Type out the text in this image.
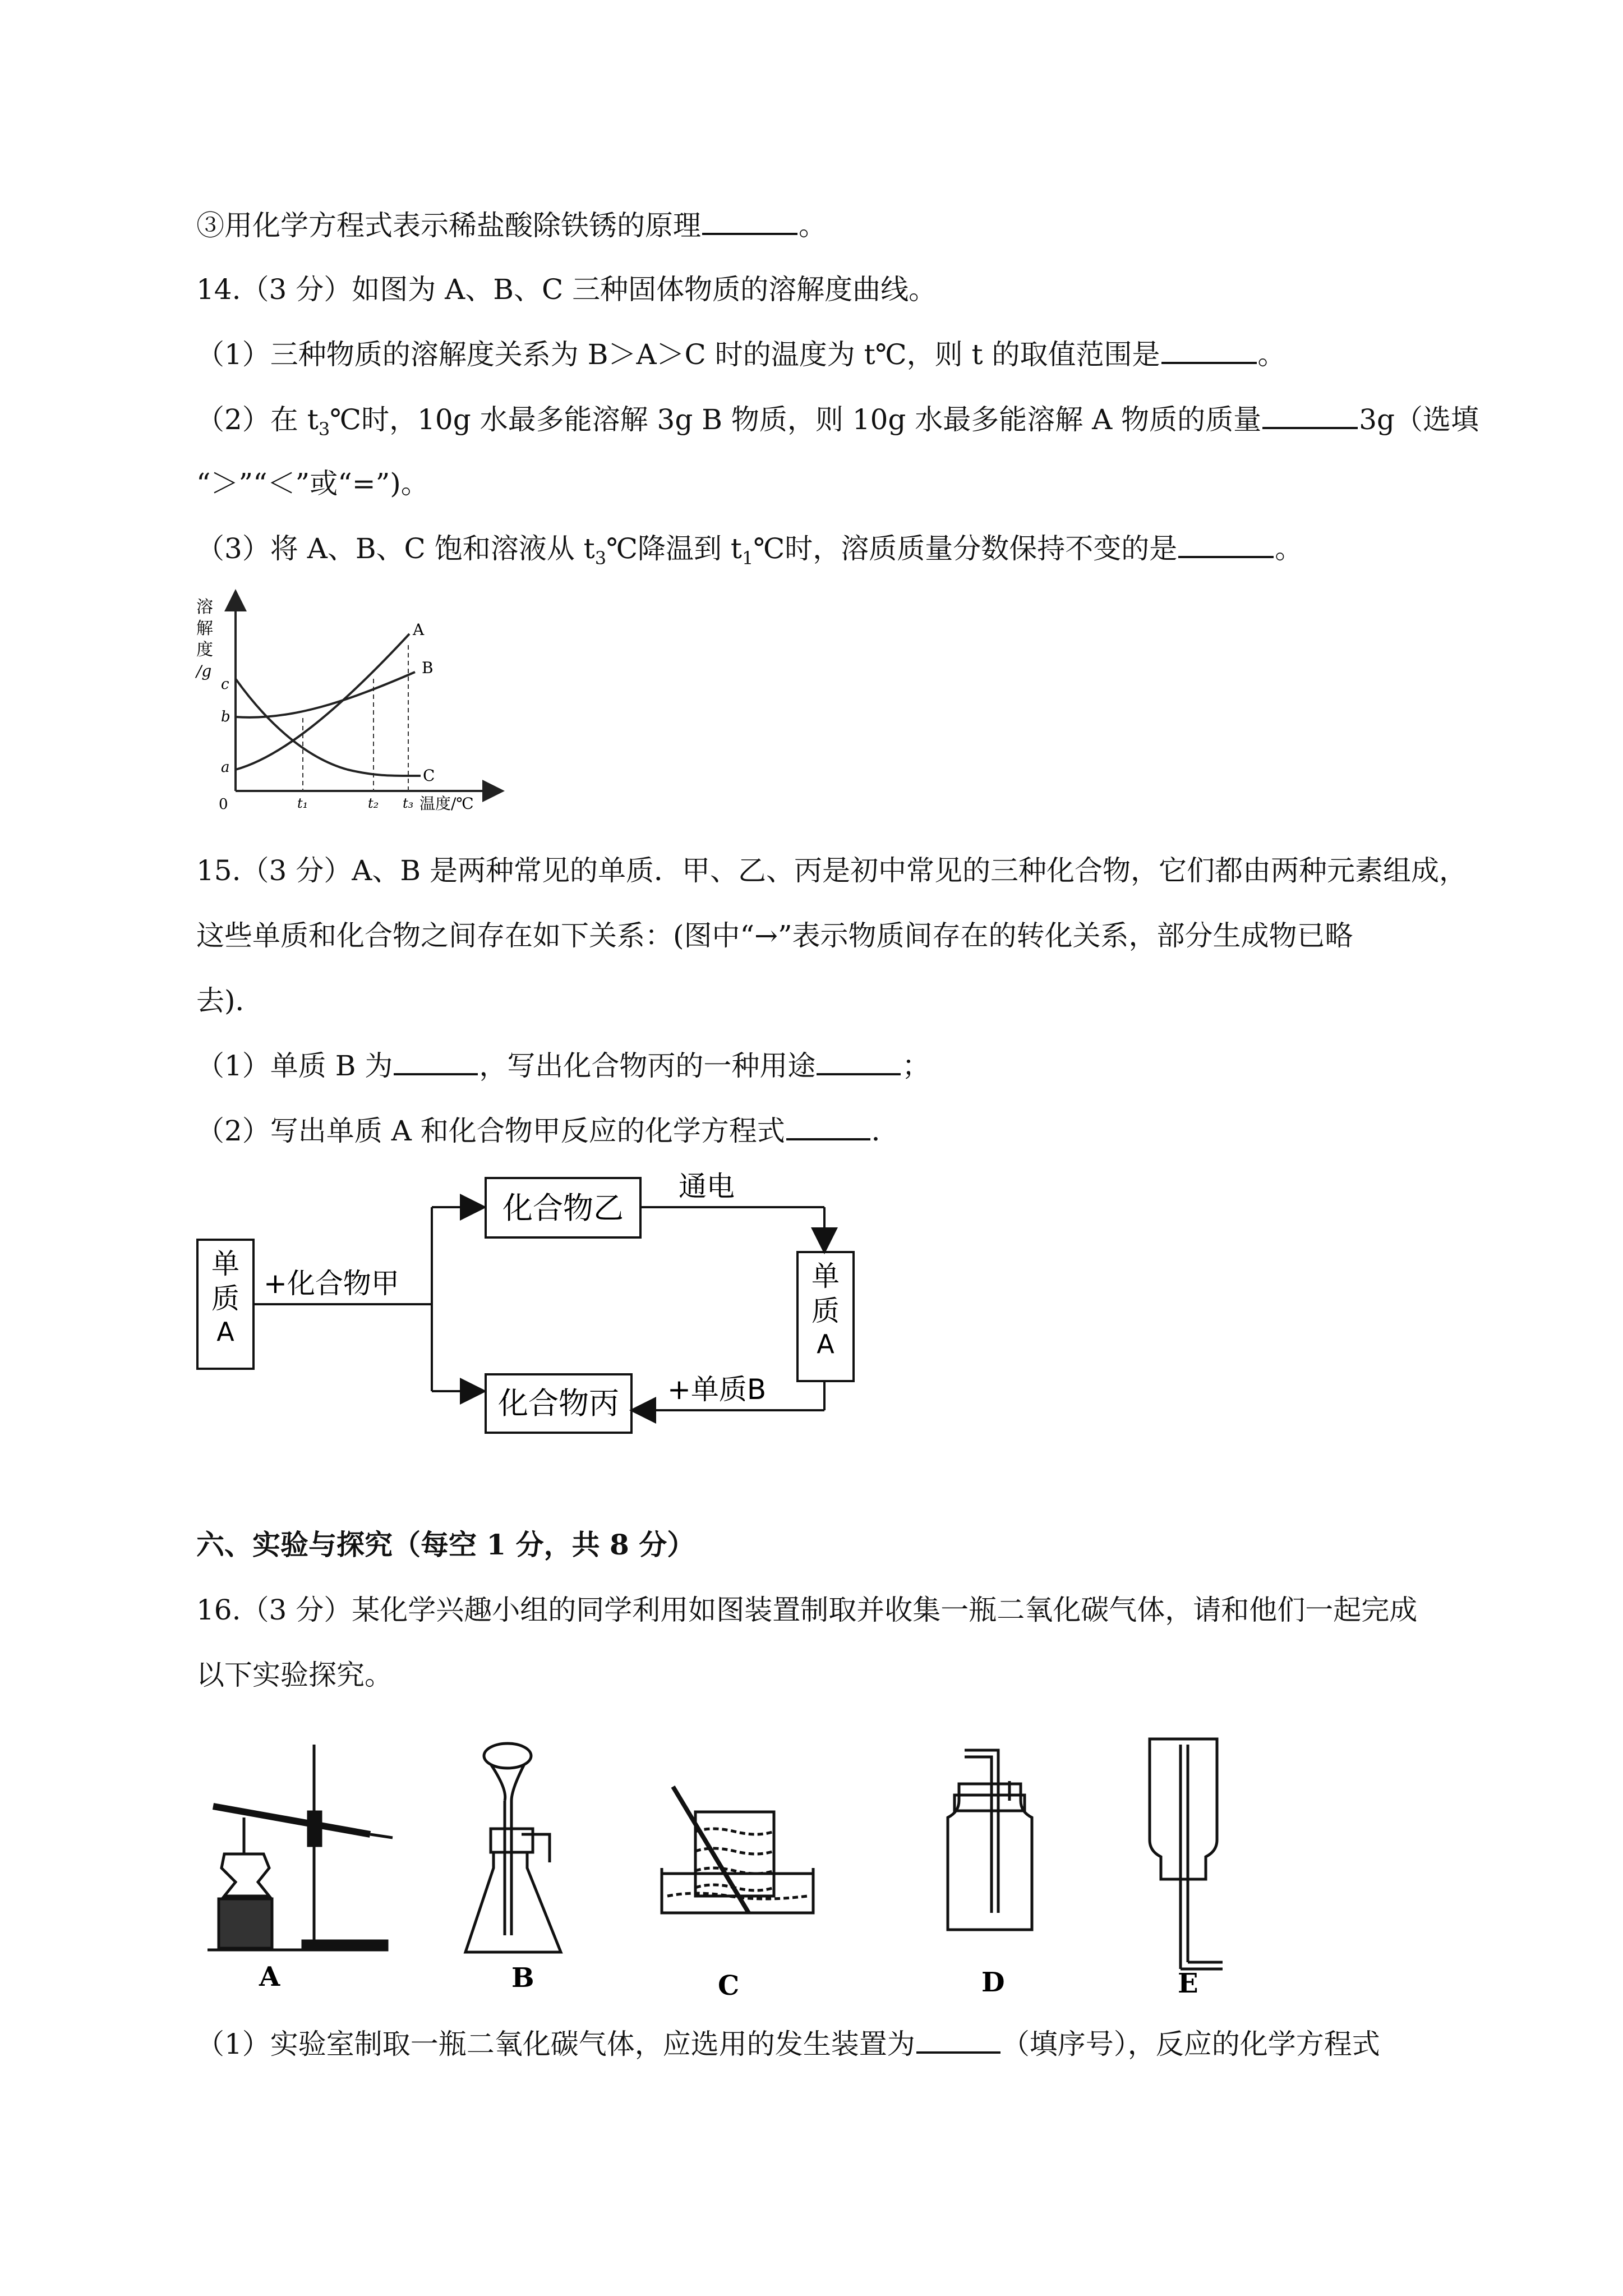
③用化学方程式表示稀盐酸除铁锈的原理	。
14.（3 分）如图为 A、B、C 三种固体物质的溶解度曲线。
（1）三种物质的溶解度关系为 B＞A＞C 时的温度为 t℃，则 t 的取值范围是	。
（2）在 $t_3℃$时，10g 水最多能溶解 3g B 物质，则 10g 水最多能溶解 A 物质的质量	3g（选填
“＞”“＜”或“=”)。
（3）将 A、B、C 饱和溶液从 $t_3℃$降温到 $t_1℃$时，溶质质量分数保持不变的是	。
溶
解
度
/g
c
b
a
0
A
B
C
t₁	t₂ t₃ 温度/℃
15.（3 分）A、B 是两种常见的单质．甲、乙、丙是初中常见的三种化合物，它们都由两种元素组成，
这些单质和化合物之间存在如下关系：(图中“→”表示物质间存在的转化关系，部分生成物已略
去)．
（1）单质 B 为	，写出化合物丙的一种用途	；
（2）写出单质 A 和化合物甲反应的化学方程式	．
单
质
A
+化合物甲
化合物乙
通电
单
质
A
+单质B
化合物丙
六、实验与探究（每空 1 分，共 8 分）
16.（3 分）某化学兴趣小组的同学利用如图装置制取并收集一瓶二氧化碳气体，请和他们一起完成
以下实验探究。
A	B	C	D	E
（1）实验室制取一瓶二氧化碳气体，应选用的发生装置为	（填序号），反应的化学方程式
